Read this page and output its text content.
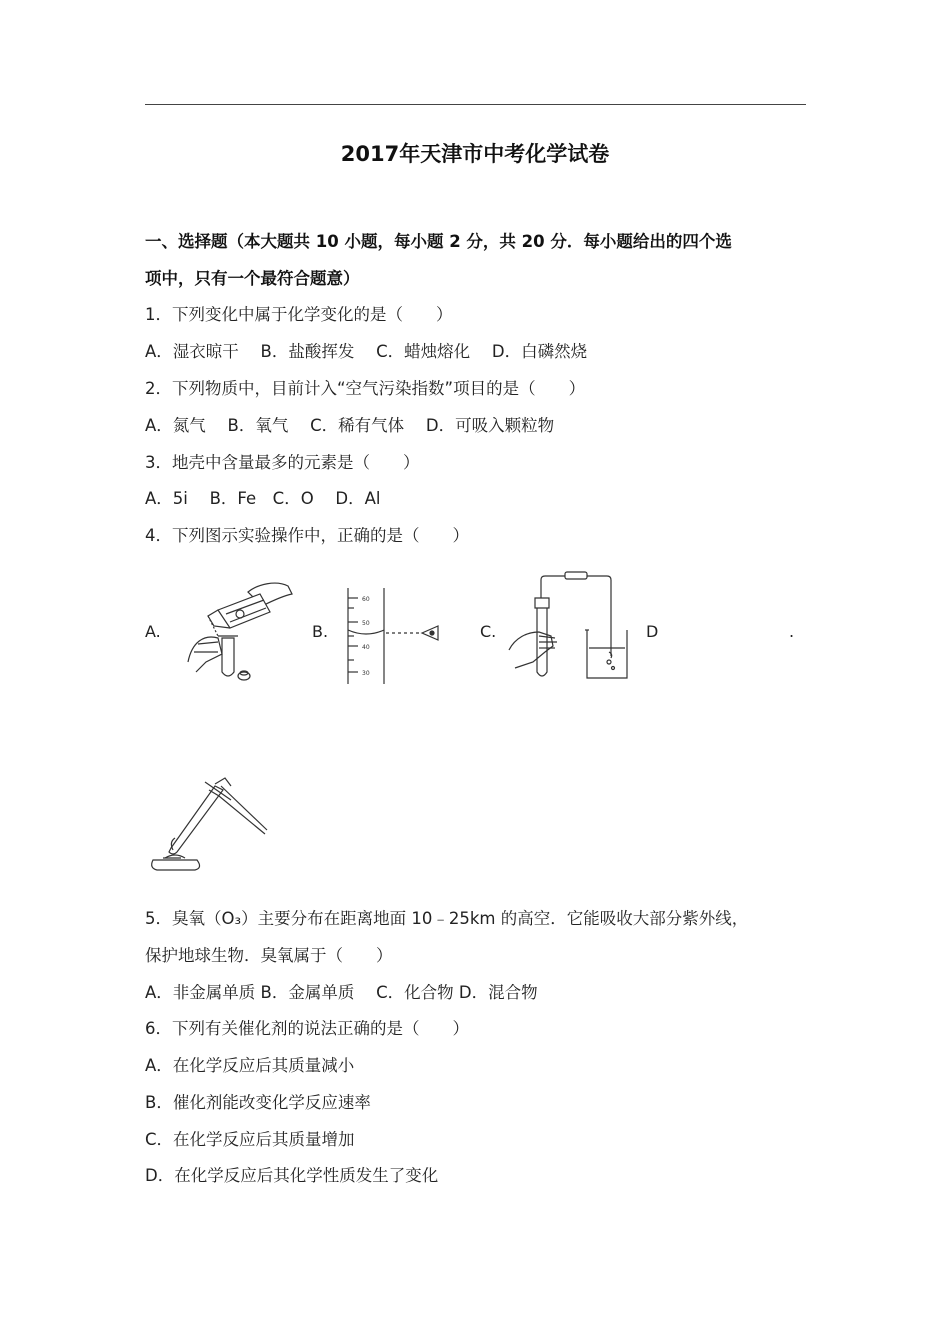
2017年天津市中考化学试卷
一、选择题（本大题共 10 小题，每小题 2 分，共 20 分．每小题给出的四个选
项中，只有一个最符合题意）
1．下列变化中属于化学变化的是（　　）
A．湿衣晾干　 B．盐酸挥发　 C．蜡烛熔化　 D．白磷然烧
2．下列物质中，目前计入“空气污染指数”项目的是（　　）
A．氮气　 B．氧气　 C．稀有气体　 D．可吸入颗粒物
3．地壳中含量最多的元素是（　　）
A．5i　 B．Fe　C．O　 D．Al
4．下列图示实验操作中，正确的是（　　）
A.	B.	C.	D	.
60
50
40
30
5．臭氧（O₃）主要分布在距离地面 10﹣25km 的高空．它能吸收大部分紫外线，
保护地球生物．臭氧属于（　　）
A．非金属单质 B．金属单质　 C．化合物 D．混合物
6．下列有关催化剂的说法正确的是（　　）
A．在化学反应后其质量减小
B．催化剂能改变化学反应速率
C．在化学反应后其质量增加
D．在化学反应后其化学性质发生了变化
